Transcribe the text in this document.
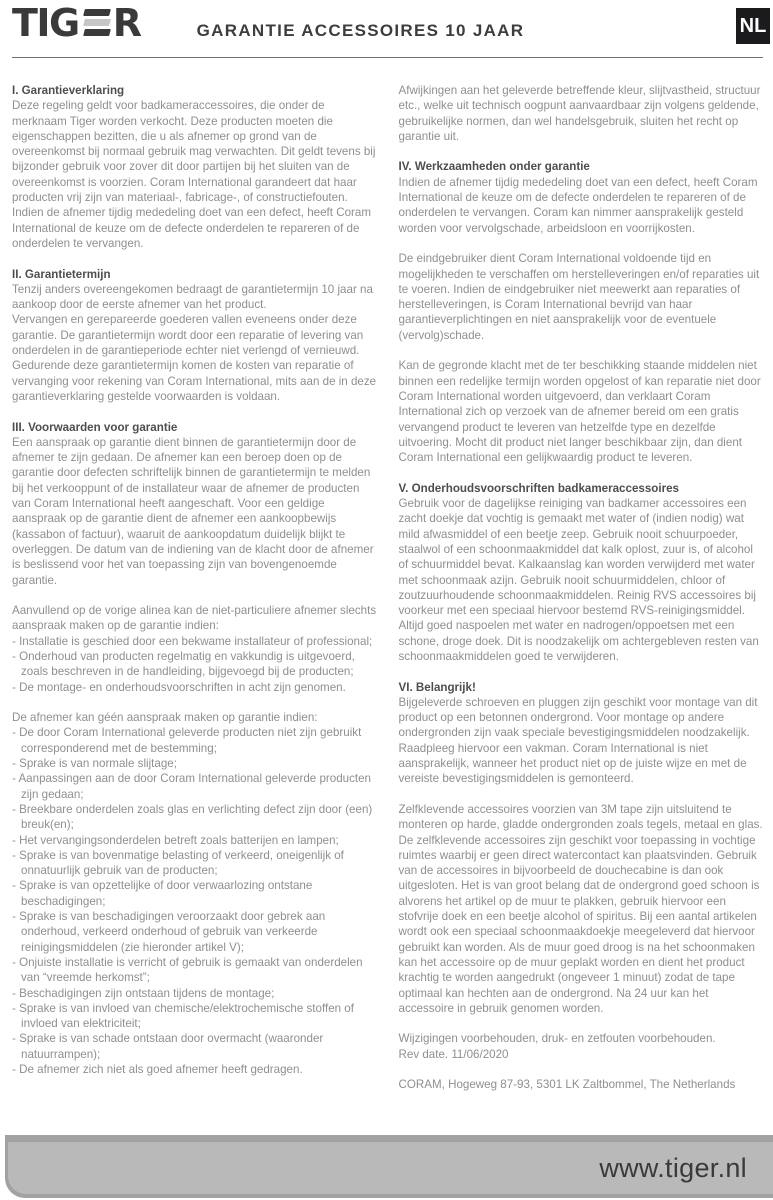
TIG R	GARANTIE ACCESSOIRES 10 JAAR	NL
I. Garantieverklaring

Deze regeling geldt voor badkameraccessoires, die onder de merknaam Tiger worden verkocht. Deze producten moeten die eigenschappen bezitten, die u als afnemer op grond van de overeenkomst bij normaal gebruik mag verwachten. Dit geldt tevens bij bijzonder gebruik voor zover dit door partijen bij het sluiten van de overeenkomst is voorzien. Coram International garandeert dat haar producten vrij zijn van materiaal-, fabricage-, of constructiefouten. Indien de afnemer tijdig mededeling doet van een defect, heeft Coram International de keuze om de defecte onderdelen te repareren of de onderdelen te vervangen.

II. Garantietermijn

Tenzij anders overeengekomen bedraagt de garantietermijn 10 jaar na aankoop door de eerste afnemer van het product.
Vervangen en gerepareerde goederen vallen eveneens onder deze garantie. De garantietermijn wordt door een reparatie of levering van onderdelen in de garantieperiode echter niet verlengd of vernieuwd.
Gedurende deze garantietermijn komen de kosten van reparatie of vervanging voor rekening van Coram International, mits aan de in deze garantieverklaring gestelde voorwaarden is voldaan.

III. Voorwaarden voor garantie

Een aanspraak op garantie dient binnen de garantietermijn door de afnemer te zijn gedaan. De afnemer kan een beroep doen op de garantie door defecten schriftelijk binnen de garantietermijn te melden bij het verkooppunt of de installateur waar de afnemer de producten van Coram International heeft aangeschaft. Voor een geldige aanspraak op de garantie dient de afnemer een aankoopbewijs (kassabon of factuur), waaruit de aankoopdatum duidelijk blijkt te overleggen. De datum van de indiening van de klacht door de afnemer is beslissend voor het van toepassing zijn van bovengenoemde garantie.

Aanvullend op de vorige alinea kan de niet-particuliere afnemer slechts aanspraak maken op de garantie indien:

- Installatie is geschied door een bekwame installateur of professional;
- Onderhoud van producten regelmatig en vakkundig is uitgevoerd, zoals beschreven in de handleiding, bijgevoegd bij de producten;
- De montage- en onderhoudsvoorschriften in acht zijn genomen.

De afnemer kan géén aanspraak maken op garantie indien:

- De door Coram International geleverde producten niet zijn gebruikt corresponderend met de bestemming;
- Sprake is van normale slijtage;
- Aanpassingen aan de door Coram International geleverde producten zijn gedaan;
- Breekbare onderdelen zoals glas en verlichting defect zijn door (een) breuk(en);
- Het vervangingsonderdelen betreft zoals batterijen en lampen;
- Sprake is van bovenmatige belasting of verkeerd, oneigenlijk of onnatuurlijk gebruik van de producten;
- Sprake is van opzettelijke of door verwaarlozing ontstane beschadigingen;
- Sprake is van beschadigingen veroorzaakt door gebrek aan onderhoud, verkeerd onderhoud of gebruik van verkeerde reinigingsmiddelen (zie hieronder artikel V);
- Onjuiste installatie is verricht of gebruik is gemaakt van onderdelen van “vreemde herkomst”;
- Beschadigingen zijn ontstaan tijdens de montage;
- Sprake is van invloed van chemische/elektrochemische stoffen of invloed van elektriciteit;
- Sprake is van schade ontstaan door overmacht (waaronder natuurrampen);
- De afnemer zich niet als goed afnemer heeft gedragen.

Afwijkingen aan het geleverde betreffende kleur, slijtvastheid, structuur etc., welke uit technisch oogpunt aanvaardbaar zijn volgens geldende, gebruikelijke normen, dan wel handelsgebruik, sluiten het recht op garantie uit.

IV. Werkzaamheden onder garantie

Indien de afnemer tijdig mededeling doet van een defect, heeft Coram International de keuze om de defecte onderdelen te repareren of de onderdelen te vervangen. Coram kan nimmer aansprakelijk gesteld worden voor vervolgschade, arbeidsloon en voorrijkosten.

De eindgebruiker dient Coram International voldoende tijd en mogelijkheden te verschaffen om herstelleveringen en/of reparaties uit te voeren. Indien de eindgebruiker niet meewerkt aan reparaties of herstelleveringen, is Coram International bevrijd van haar garantieverplichtingen en niet aansprakelijk voor de eventuele (vervolg)schade.

Kan de gegronde klacht met de ter beschikking staande middelen niet binnen een redelijke termijn worden opgelost of kan reparatie niet door Coram International worden uitgevoerd, dan verklaart Coram International zich op verzoek van de afnemer bereid om een gratis vervangend product te leveren van hetzelfde type en dezelfde uitvoering. Mocht dit product niet langer beschikbaar zijn, dan dient Coram International een gelijkwaardig product te leveren.

V. Onderhoudsvoorschriften badkameraccessoires

Gebruik voor de dagelijkse reiniging van badkamer accessoires een zacht doekje dat vochtig is gemaakt met water of (indien nodig) wat mild afwasmiddel of een beetje zeep. Gebruik nooit schuurpoeder, staalwol of een schoonmaakmiddel dat kalk oplost, zuur is, of alcohol of schuurmiddel bevat. Kalkaanslag kan worden verwijderd met water met schoonmaak azijn. Gebruik nooit schuurmiddelen, chloor of zoutzuurhoudende schoonmaakmiddelen. Reinig RVS accessoires bij voorkeur met een speciaal hiervoor bestemd RVS-reinigingsmiddel. Altijd goed naspoelen met water en nadrogen/oppoetsen met een schone, droge doek. Dit is noodzakelijk om achtergebleven resten van schoonmaakmiddelen goed te verwijderen.

VI. Belangrijk!

Bijgeleverde schroeven en pluggen zijn geschikt voor montage van dit product op een betonnen ondergrond. Voor montage op andere ondergronden zijn vaak speciale bevestigingsmiddelen noodzakelijk. Raadpleeg hiervoor een vakman. Coram International is niet aansprakelijk, wanneer het product niet op de juiste wijze en met de vereiste bevestigingsmiddelen is gemonteerd.

Zelfklevende accessoires voorzien van 3M tape zijn uitsluitend te monteren op harde, gladde ondergronden zoals tegels, metaal en glas. De zelfklevende accessoires zijn geschikt voor toepassing in vochtige ruimtes waarbij er geen direct watercontact kan plaatsvinden. Gebruik van de accessoires in bijvoorbeeld de douchecabine is dan ook uitgesloten. Het is van groot belang dat de ondergrond goed schoon is alvorens het artikel op de muur te plakken, gebruik hiervoor een stofvrije doek en een beetje alcohol of spiritus. Bij een aantal artikelen wordt ook een speciaal schoonmaakdoekje meegeleverd dat hiervoor gebruikt kan worden. Als de muur goed droog is na het schoonmaken kan het accessoire op de muur geplakt worden en dient het product krachtig te worden aangedrukt (ongeveer 1 minuut) zodat de tape optimaal kan hechten aan de ondergrond. Na 24 uur kan het accessoire in gebruik genomen worden.

Wijzigingen voorbehouden, druk- en zetfouten voorbehouden.
Rev date. 11/06/2020

CORAM, Hogeweg 87-93, 5301 LK Zaltbommel, The Netherlands

www.tiger.nl
